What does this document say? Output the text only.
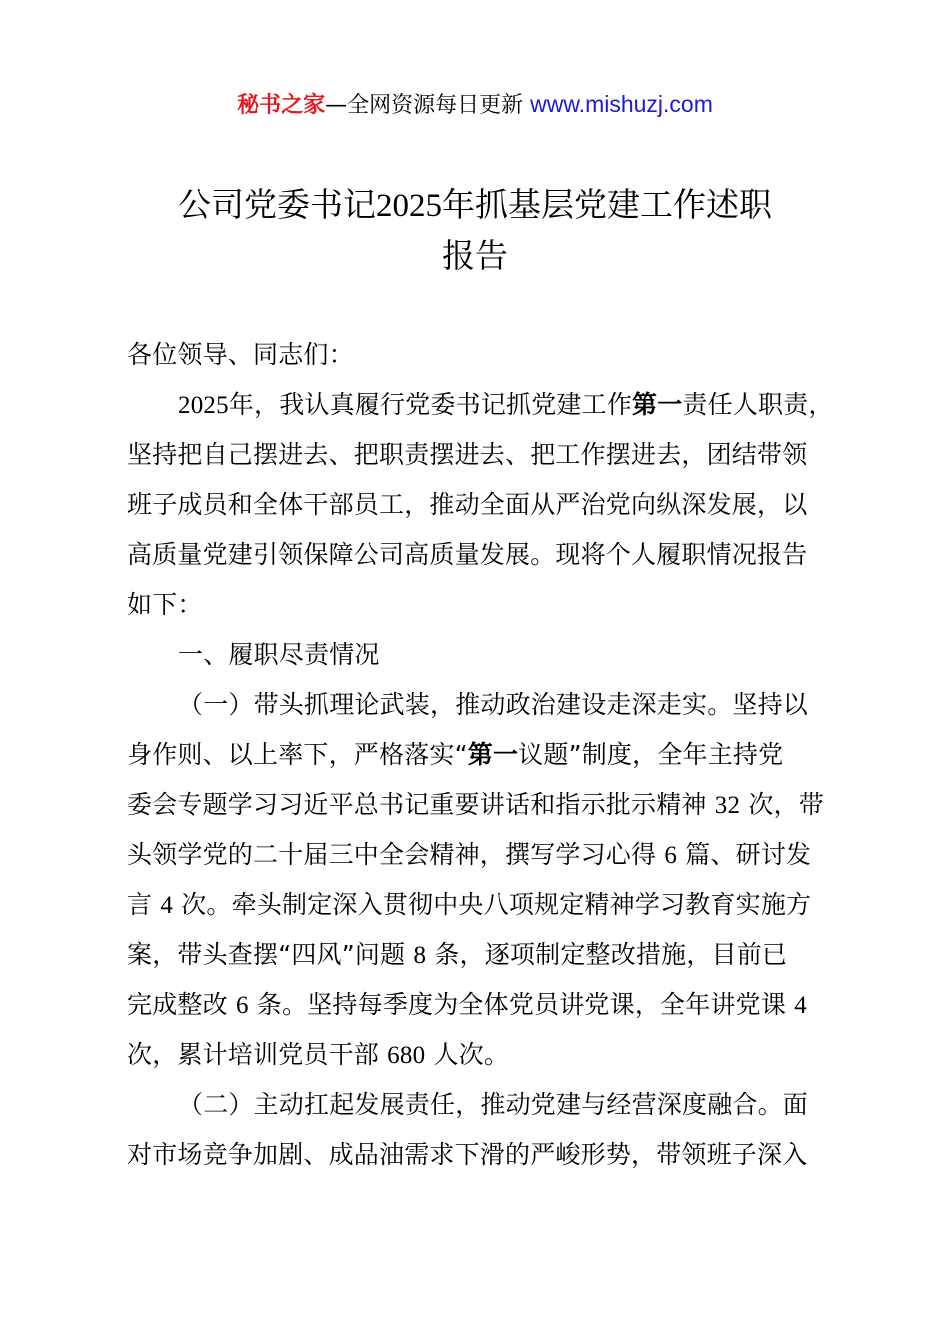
秘书之家—全网资源每日更新 www.mishuzj.com
公司党委书记2025年抓基层党建工作述职
报告
各位领导、同志们：
2025年，我认真履行党委书记抓党建工作第一责任人职责，
坚持把自己摆进去、把职责摆进去、把工作摆进去，团结带领
班子成员和全体干部员工，推动全面从严治党向纵深发展，以
高质量党建引领保障公司高质量发展。现将个人履职情况报告
如下：
一、履职尽责情况
（一）带头抓理论武装，推动政治建设走深走实。坚持以
身作则、以上率下，严格落实“第一议题”制度，全年主持党
委会专题学习习近平总书记重要讲话和指示批示精神 32 次，带
头领学党的二十届三中全会精神，撰写学习心得 6 篇、研讨发
言 4 次。牵头制定深入贯彻中央八项规定精神学习教育实施方
案，带头查摆“四风”问题 8 条，逐项制定整改措施，目前已
完成整改 6 条。坚持每季度为全体党员讲党课，全年讲党课 4
次，累计培训党员干部 680 人次。
（二）主动扛起发展责任，推动党建与经营深度融合。面
对市场竞争加剧、成品油需求下滑的严峻形势，带领班子深入
